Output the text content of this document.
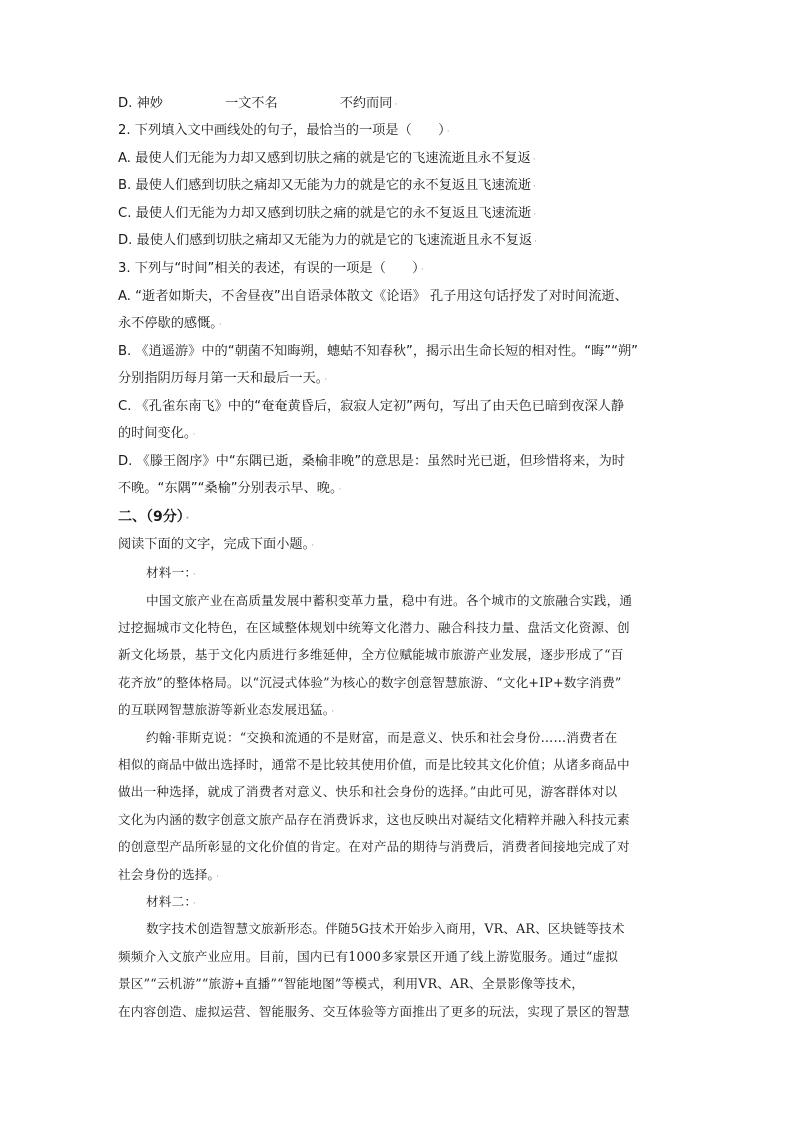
D. 神妙	一文不名	不约而同 ·
2. 下列填入文中画线处的句子，最恰当的一项是（　　） ·
A. 最使人们无能为力却又感到切肤之痛的就是它的飞速流逝且永不复返 ·
B. 最使人们感到切肤之痛却又无能为力的就是它的永不复返且飞速流逝 ·
C. 最使人们无能为力却又感到切肤之痛的就是它的永不复返且飞速流逝 ·
D. 最使人们感到切肤之痛却又无能为力的就是它的飞速流逝且永不复返 ·
3. 下列与“时间”相关的表述，有误的一项是（　　） ·
A. “逝者如斯夫，不舍昼夜”出自语录体散文《论语》 孔子用这句话抒发了对时间流逝、
永不停歇的感慨。 ·
B. 《逍遥游》中的“朝菌不知晦朔，蟪蛄不知春秋”，揭示出生命长短的相对性。“晦”“朔”
分别指阴历每月第一天和最后一天。 ·
C. 《孔雀东南飞》中的“奄奄黄昏后，寂寂人定初”两句，写出了由天色已暗到夜深人静
的时间变化。 ·
D. 《滕王阁序》中“东隅已逝，桑榆非晚”的意思是：虽然时光已逝，但珍惜将来，为时
不晚。“东隅”“桑榆”分别表示早、晚。 ·
二、（9分） ·
阅读下面的文字，完成下面小题。 ·
材料一： ·
中国文旅产业在高质量发展中蓄积变革力量，稳中有进。各个城市的文旅融合实践，通
过挖掘城市文化特色，在区域整体规划中统筹文化潜力、融合科技力量、盘活文化资源、创
新文化场景，基于文化内质进行多维延伸，全方位赋能城市旅游产业发展，逐步形成了“百
花齐放”的整体格局。以“沉浸式体验”为核心的数字创意智慧旅游、“文化+IP+数字消费”
的互联网智慧旅游等新业态发展迅猛。 ·
约翰·菲斯克说：“交换和流通的不是财富，而是意义、快乐和社会身份……消费者在
相似的商品中做出选择时，通常不是比较其使用价值，而是比较其文化价值；从诸多商品中
做出一种选择，就成了消费者对意义、快乐和社会身份的选择。”由此可见，游客群体对以
文化为内涵的数字创意文旅产品存在消费诉求，这也反映出对凝结文化精粹并融入科技元素
的创意型产品所彰显的文化价值的肯定。在对产品的期待与消费后，消费者间接地完成了对
社会身份的选择。 ·
材料二： ·
数字技术创造智慧文旅新形态。伴随5G技术开始步入商用，VR、AR、区块链等技术
频频介入文旅产业应用。目前，国内已有1000多家景区开通了线上游览服务。通过“虚拟
景区”“云机游”“旅游+直播”“智能地图”等模式，利用VR、AR、全景影像等技术，
在内容创造、虚拟运营、智能服务、交互体验等方面推出了更多的玩法，实现了景区的智慧
